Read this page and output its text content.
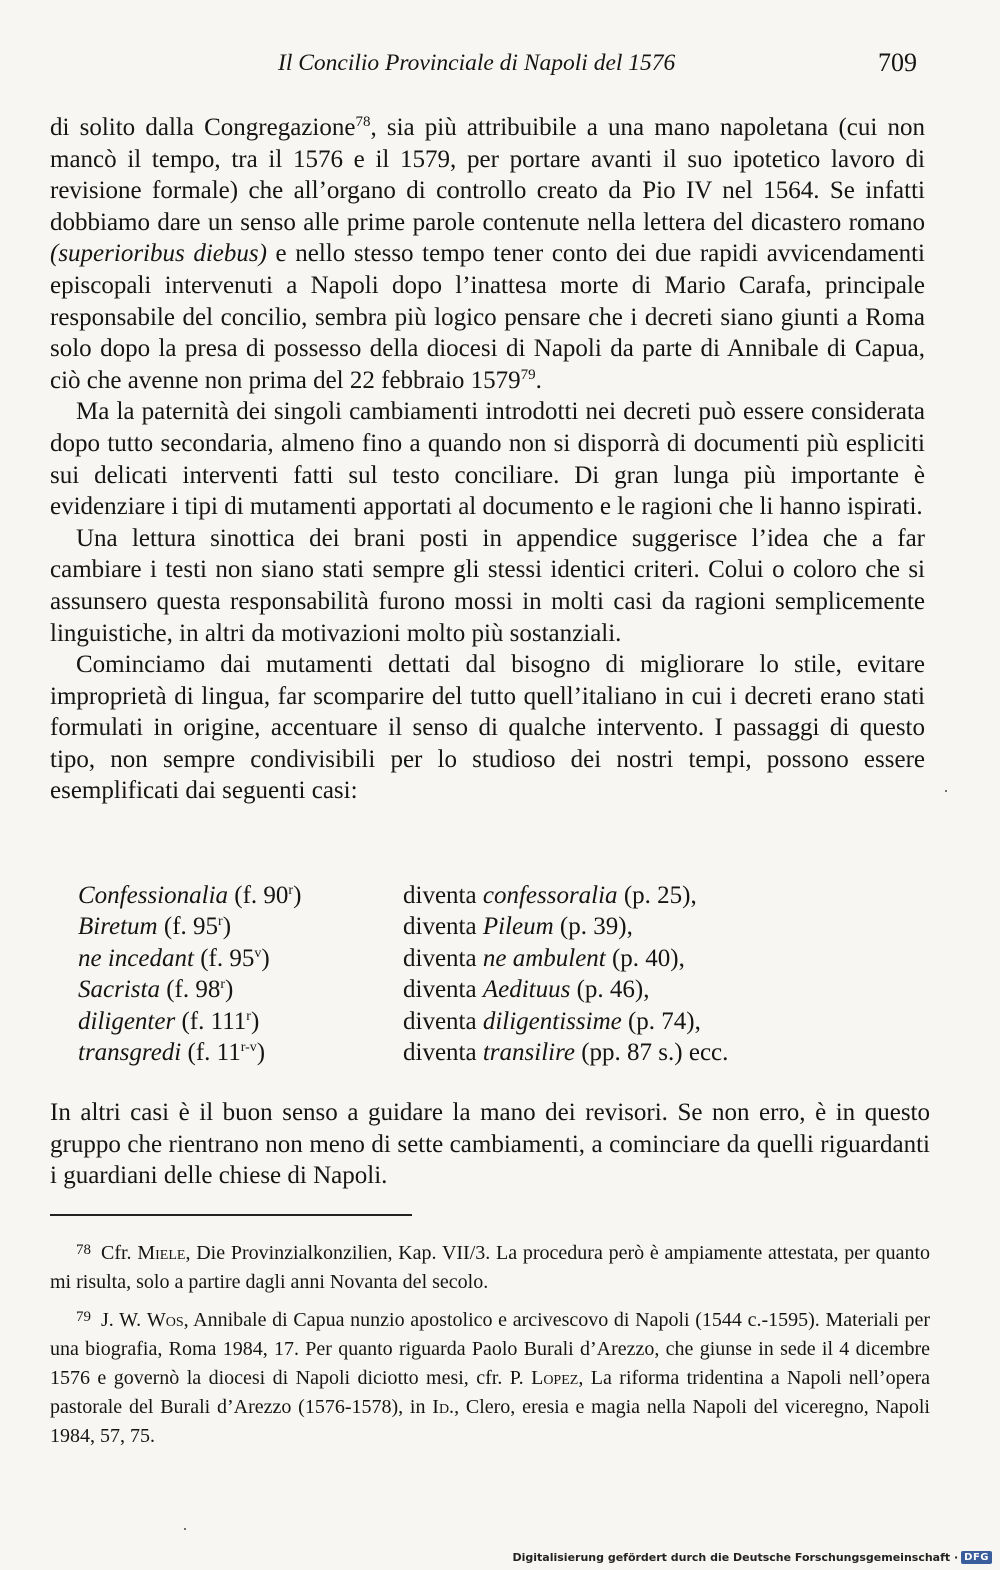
Il Concilio Provinciale di Napoli del 1576	709

di solito dalla Congregazione$^{78}$, sia più attribuibile a una mano napoletana (cui non mancò il tempo, tra il 1576 e il 1579, per portare avanti il suo ipotetico lavoro di revisione formale) che all’organo di controllo creato da Pio IV nel 1564. Se infatti dobbiamo dare un senso alle prime parole contenute nella lettera del dicastero romano (superioribus diebus) e nello stesso tempo tener conto dei due rapidi avvicendamenti episcopali intervenuti a Napoli dopo l’inattesa morte di Mario Carafa, principale responsabile del concilio, sembra più logico pensare che i decreti siano giunti a Roma solo dopo la presa di possesso della diocesi di Napoli da parte di Annibale di Capua, ciò che avenne non prima del 22 febbraio 1579$^{79}$.

Ma la paternità dei singoli cambiamenti introdotti nei decreti può essere considerata dopo tutto secondaria, almeno fino a quando non si disporrà di documenti più espliciti sui delicati interventi fatti sul testo conciliare. Di gran lunga più importante è evidenziare i tipi di mutamenti apportati al documento e le ragioni che li hanno ispirati.

Una lettura sinottica dei brani posti in appendice suggerisce l’idea che a far cambiare i testi non siano stati sempre gli stessi identici criteri. Colui o coloro che si assunsero questa responsabilità furono mossi in molti casi da ragioni semplicemente linguistiche, in altri da motivazioni molto più sostanziali.

Cominciamo dai mutamenti dettati dal bisogno di migliorare lo stile, evitare improprietà di lingua, far scomparire del tutto quell’italiano in cui i decreti erano stati formulati in origine, accentuare il senso di qualche intervento. I passaggi di questo tipo, non sempre condivisibili per lo studioso dei nostri tempi, possono essere esemplificati dai seguenti casi:

Confessionalia (f. 90$^r$)	diventa confessoralia (p. 25),
Biretum (f. 95$^r$)	diventa Pileum (p. 39),
ne incedant (f. 95$^v$)	diventa ne ambulent (p. 40),
Sacrista (f. 98$^r$)	diventa Aedituus (p. 46),
diligenter (f. 111$^r$)	diventa diligentissime (p. 74),
transgredi (f. 11$^{r-v}$)	diventa transilire (pp. 87 s.) ecc.

In altri casi è il buon senso a guidare la mano dei revisori. Se non erro, è in questo gruppo che rientrano non meno di sette cambiamenti, a cominciare da quelli riguardanti i guardiani delle chiese di Napoli.

$^{78}$ Cfr. Miele, Die Provinzialkonzilien, Kap. VII/3. La procedura però è ampiamente attestata, per quanto mi risulta, solo a partire dagli anni Novanta del secolo.

$^{79}$ J. W. Wos, Annibale di Capua nunzio apostolico e arcivescovo di Napoli (1544 c.-1595). Materiali per una biografia, Roma 1984, 17. Per quanto riguarda Paolo Burali d’Arezzo, che giunse in sede il 4 dicembre 1576 e governò la diocesi di Napoli diciotto mesi, cfr. P. Lopez, La riforma tridentina a Napoli nell’opera pastorale del Burali d’Arezzo (1576-1578), in Id., Clero, eresia e magia nella Napoli del viceregno, Napoli 1984, 57, 75.

Digitalisierung gefördert durch die Deutsche Forschungsgemeinschaft · DFG
